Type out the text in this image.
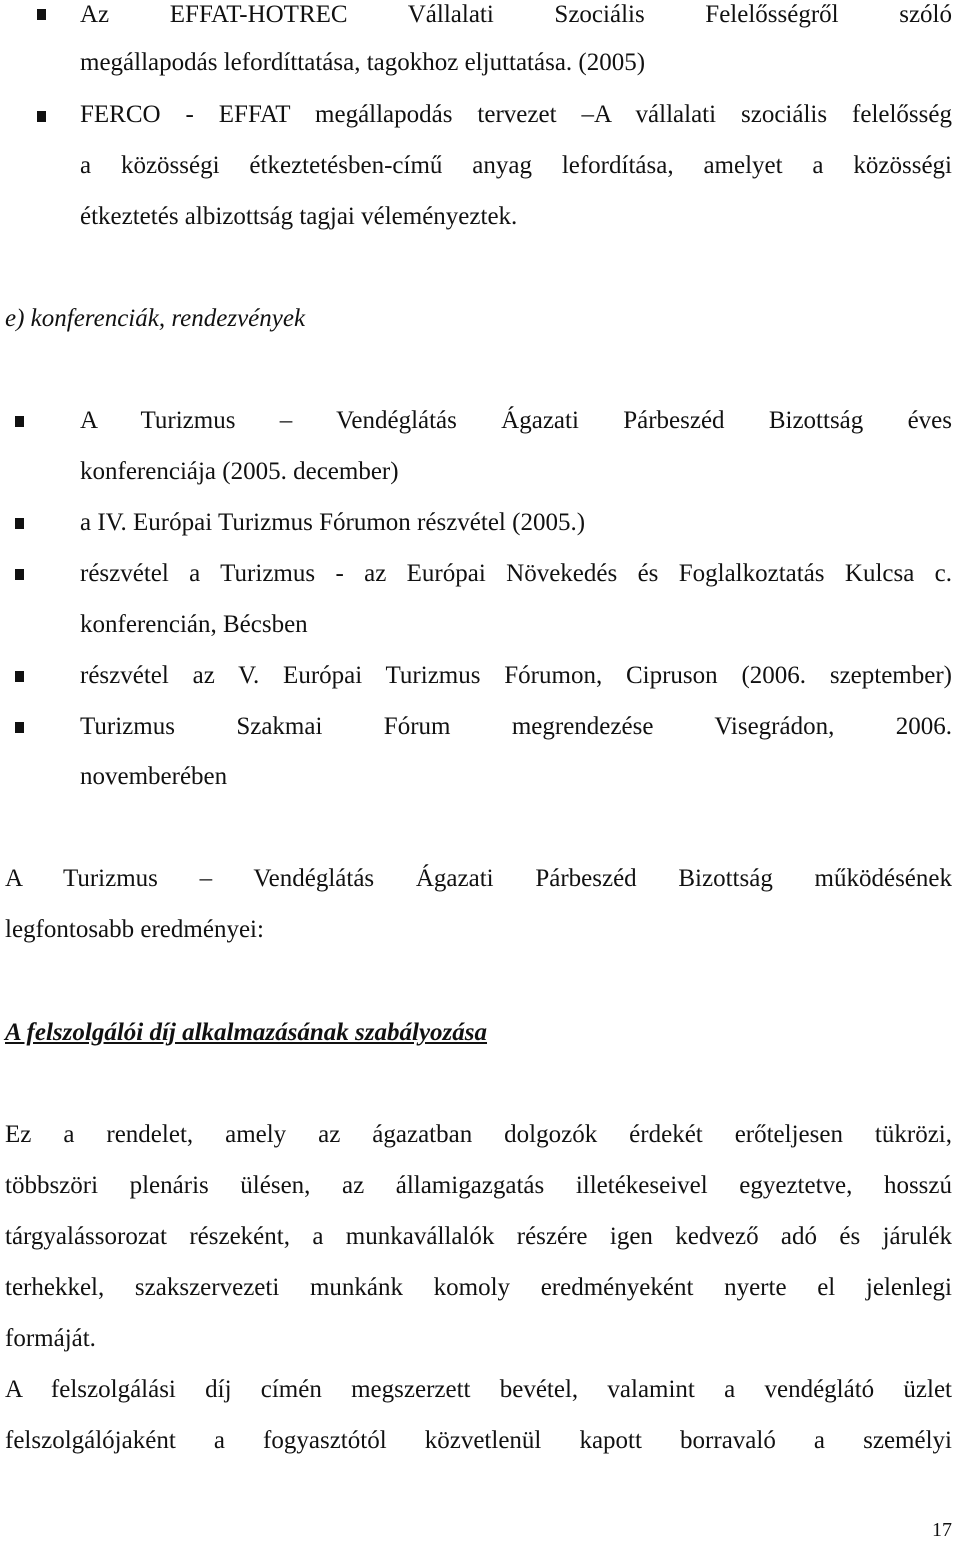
Az EFFAT-HOTREC Vállalati Szociális Felelősségről szóló
megállapodás lefordíttatása, tagokhoz eljuttatása. (2005)
FERCO - EFFAT megállapodás tervezet –A vállalati szociális felelősség
a közösségi étkeztetésben-című anyag lefordítása, amelyet a közösségi
étkeztetés albizottság tagjai véleményeztek.
e) konferenciák, rendezvények
A Turizmus – Vendéglátás Ágazati Párbeszéd Bizottság éves
konferenciája (2005. december)
a IV. Európai Turizmus Fórumon részvétel (2005.)
részvétel a Turizmus - az Európai Növekedés és Foglalkoztatás Kulcsa c.
konferencián, Bécsben
részvétel az V. Európai Turizmus Fórumon, Cipruson (2006. szeptember)
Turizmus Szakmai Fórum megrendezése Visegrádon, 2006.
novemberében
A Turizmus – Vendéglátás Ágazati Párbeszéd Bizottság működésének
legfontosabb eredményei:
A felszolgálói díj alkalmazásának szabályozása
Ez a rendelet, amely az ágazatban dolgozók érdekét erőteljesen tükrözi,
többszöri plenáris ülésen, az államigazgatás illetékeseivel egyeztetve, hosszú
tárgyalássorozat részeként, a munkavállalók részére igen kedvező adó és járulék
terhekkel, szakszervezeti munkánk komoly eredményeként nyerte el jelenlegi
formáját.
A felszolgálási díj címén megszerzett bevétel, valamint a vendéglátó üzlet
felszolgálójaként a fogyasztótól közvetlenül kapott borravaló a személyi
17
